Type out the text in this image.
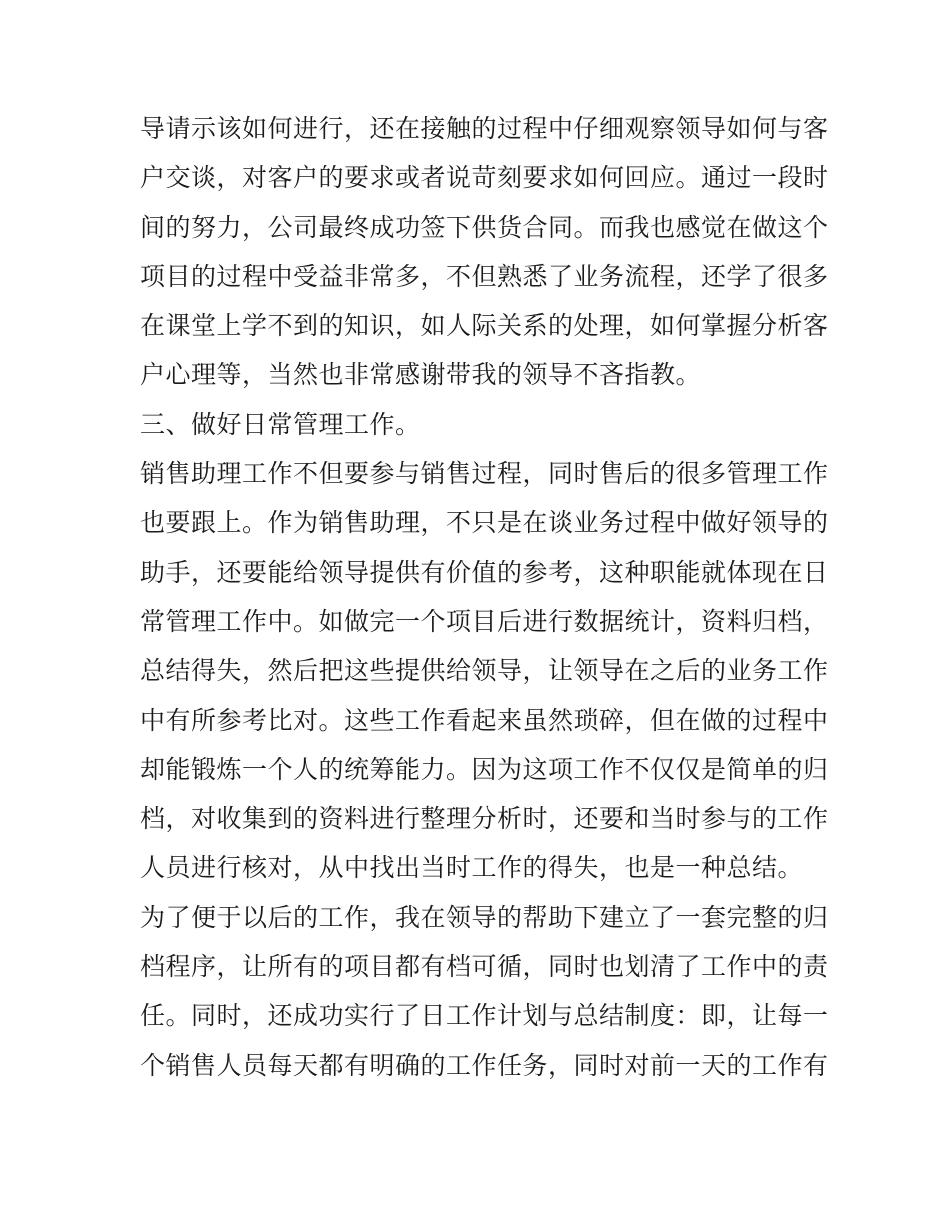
导请示该如何进行，还在接触的过程中仔细观察领导如何与客
户交谈，对客户的要求或者说苛刻要求如何回应。通过一段时
间的努力，公司最终成功签下供货合同。而我也感觉在做这个
项目的过程中受益非常多，不但熟悉了业务流程，还学了很多
在课堂上学不到的知识，如人际关系的处理，如何掌握分析客
户心理等，当然也非常感谢带我的领导不吝指教。
三、做好日常管理工作。
销售助理工作不但要参与销售过程，同时售后的很多管理工作
也要跟上。作为销售助理，不只是在谈业务过程中做好领导的
助手，还要能给领导提供有价值的参考，这种职能就体现在日
常管理工作中。如做完一个项目后进行数据统计，资料归档，
总结得失，然后把这些提供给领导，让领导在之后的业务工作
中有所参考比对。这些工作看起来虽然琐碎，但在做的过程中
却能锻炼一个人的统筹能力。因为这项工作不仅仅是简单的归
档，对收集到的资料进行整理分析时，还要和当时参与的工作
人员进行核对，从中找出当时工作的得失，也是一种总结。
为了便于以后的工作，我在领导的帮助下建立了一套完整的归
档程序，让所有的项目都有档可循，同时也划清了工作中的责
任。同时，还成功实行了日工作计划与总结制度：即，让每一
个销售人员每天都有明确的工作任务，同时对前一天的工作有
